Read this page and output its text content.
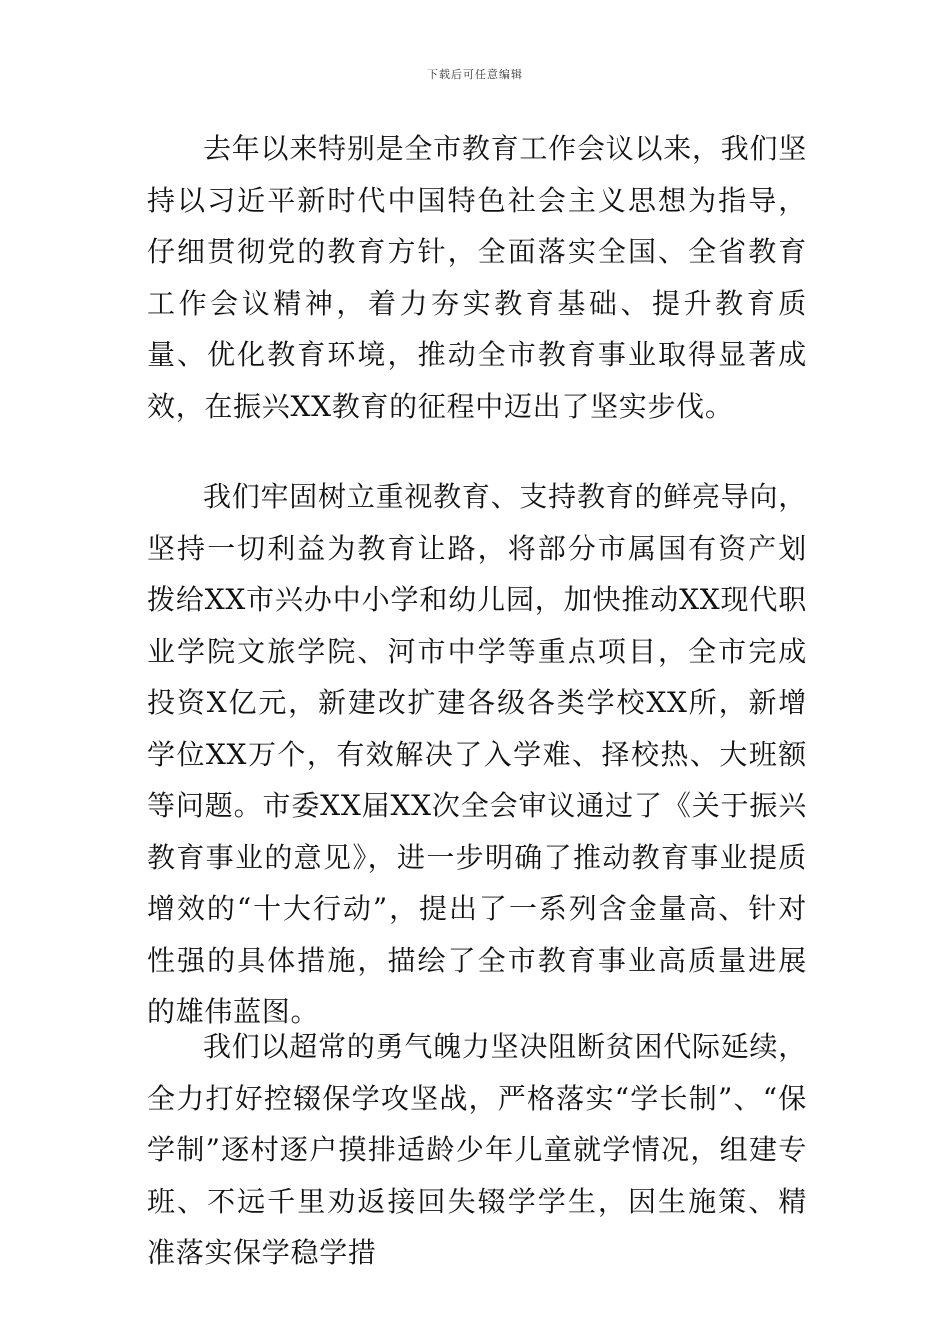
下载后可任意编辑

去年以来特别是全市教育工作会议以来，我们坚持以习近平新时代中国特色社会主义思想为指导，仔细贯彻党的教育方针，全面落实全国、全省教育工作会议精神，着力夯实教育基础、提升教育质量、优化教育环境，推动全市教育事业取得显著成效，在振兴XX教育的征程中迈出了坚实步伐。

我们牢固树立重视教育、支持教育的鲜亮导向，坚持一切利益为教育让路，将部分市属国有资产划拨给XX市兴办中小学和幼儿园，加快推动XX现代职业学院文旅学院、河市中学等重点项目，全市完成投资X亿元，新建改扩建各级各类学校XX所，新增学位XX万个，有效解决了入学难、择校热、大班额等问题。市委XX届XX次全会审议通过了《关于振兴教育事业的意见》，进一步明确了推动教育事业提质增效的“十大行动”，提出了一系列含金量高、针对性强的具体措施，描绘了全市教育事业高质量进展的雄伟蓝图。

我们以超常的勇气魄力坚决阻断贫困代际延续，全力打好控辍保学攻坚战，严格落实“学长制”、“保学制”逐村逐户摸排适龄少年儿童就学情况，组建专班、不远千里劝返接回失辍学学生，因生施策、精准落实保学稳学措
